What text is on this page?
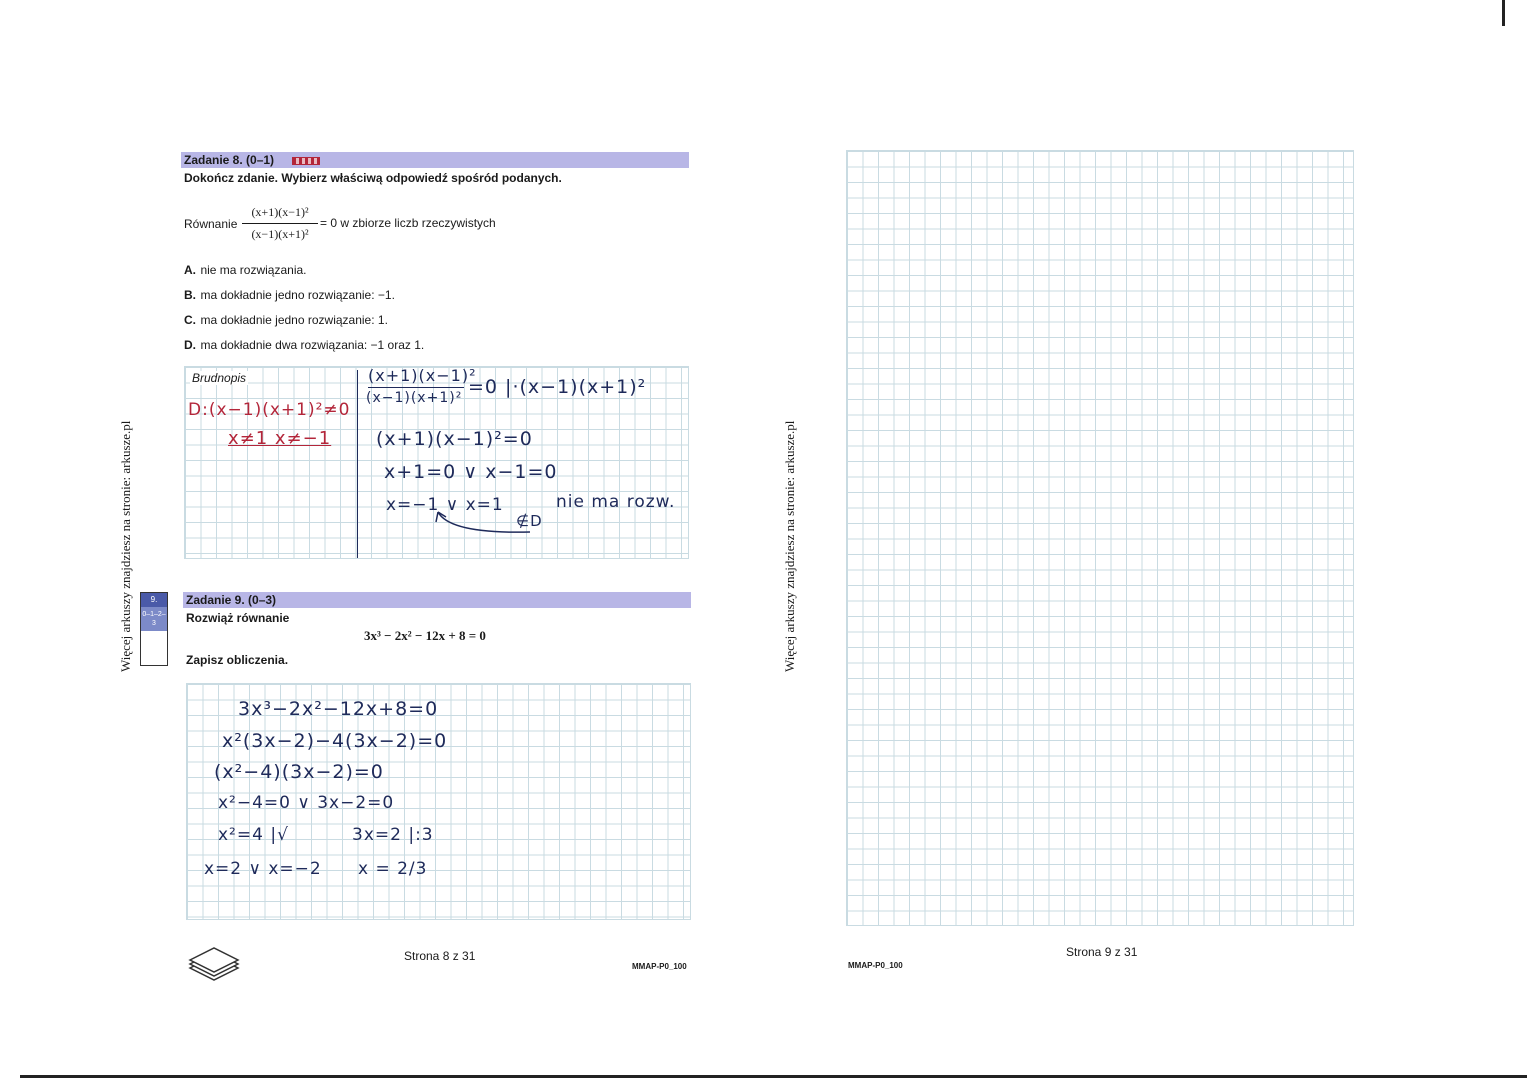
Więcej arkuszy znajdziesz na stronie: arkusze.pl
Zadanie 8. (0–1)
Dokończ zdanie. Wybierz właściwą odpowiedź spośród podanych.
Równanie
(x+1)(x−1)²
(x−1)(x+1)²
= 0 w zbiorze liczb rzeczywistych
A. nie ma rozwiązania.
B. ma dokładnie jedno rozwiązanie: −1.
C. ma dokładnie jedno rozwiązanie: 1.
D. ma dokładnie dwa rozwiązania: −1 oraz 1.
Brudnopis
D:(x−1)(x+1)²≠0
x≠1 x≠−1
(x+1)(x−1)²
(x−1)(x+1)² =0 |·(x−1)(x+1)²
(x+1)(x−1)²=0
x+1=0 ∨ x−1=0
x=−1 ∨ x=1	nie ma rozw.
∉D
Zadanie 9. (0–3)
Rozwiąż równanie
3x³ − 2x² − 12x + 8 = 0
Zapisz obliczenia.
9.
0–1–2–3
3x³−2x²−12x+8=0
x²(3x−2)−4(3x−2)=0
(x²−4)(3x−2)=0
x²−4=0 ∨ 3x−2=0
x²=4 |√	3x=2 |:3
x=2 ∨ x=−2 x = 2/3
Strona 8 z 31
MMAP-P0_100
Więcej arkuszy znajdziesz na stronie: arkusze.pl
MMAP-P0_100
Strona 9 z 31
